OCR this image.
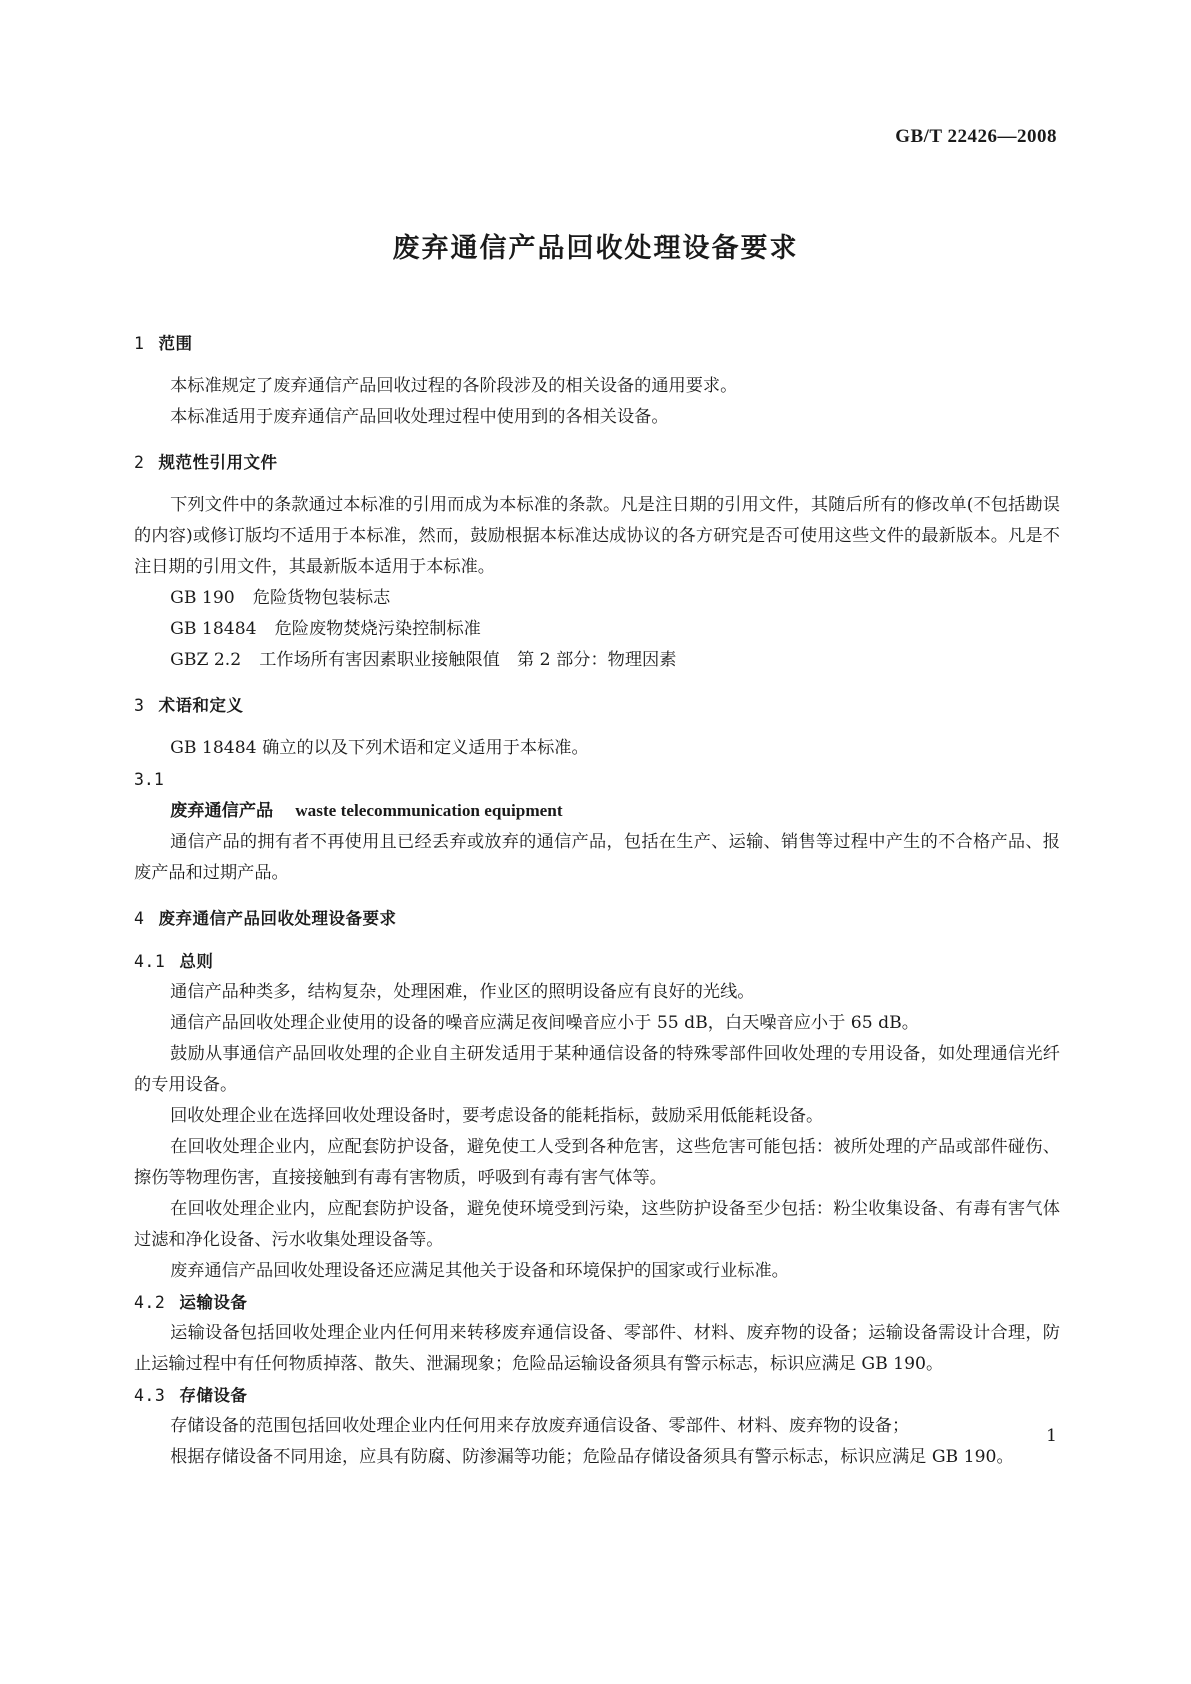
GB/T 22426—2008
废弃通信产品回收处理设备要求
1 范围

本标准规定了废弃通信产品回收过程的各阶段涉及的相关设备的通用要求。

本标准适用于废弃通信产品回收处理过程中使用到的各相关设备。

2 规范性引用文件

下列文件中的条款通过本标准的引用而成为本标准的条款。凡是注日期的引用文件，其随后所有的修改单(不包括勘误的内容)或修订版均不适用于本标准，然而，鼓励根据本标准达成协议的各方研究是否可使用这些文件的最新版本。凡是不注日期的引用文件，其最新版本适用于本标准。

GB 190 危险货物包装标志

GB 18484 危险废物焚烧污染控制标准

GBZ 2.2 工作场所有害因素职业接触限值　第 2 部分：物理因素

3 术语和定义

GB 18484 确立的以及下列术语和定义适用于本标准。

3.1

废弃通信产品 waste telecommunication equipment

通信产品的拥有者不再使用且已经丢弃或放弃的通信产品，包括在生产、运输、销售等过程中产生的不合格产品、报废产品和过期产品。

4 废弃通信产品回收处理设备要求
4.1 总则

通信产品种类多，结构复杂，处理困难，作业区的照明设备应有良好的光线。

通信产品回收处理企业使用的设备的噪音应满足夜间噪音应小于 55 dB，白天噪音应小于 65 dB。

鼓励从事通信产品回收处理的企业自主研发适用于某种通信设备的特殊零部件回收处理的专用设备，如处理通信光纤的专用设备。

回收处理企业在选择回收处理设备时，要考虑设备的能耗指标，鼓励采用低能耗设备。

在回收处理企业内，应配套防护设备，避免使工人受到各种危害，这些危害可能包括：被所处理的产品或部件碰伤、擦伤等物理伤害，直接接触到有毒有害物质，呼吸到有毒有害气体等。

在回收处理企业内，应配套防护设备，避免使环境受到污染，这些防护设备至少包括：粉尘收集设备、有毒有害气体过滤和净化设备、污水收集处理设备等。

废弃通信产品回收处理设备还应满足其他关于设备和环境保护的国家或行业标准。

4.2 运输设备

运输设备包括回收处理企业内任何用来转移废弃通信设备、零部件、材料、废弃物的设备；运输设备需设计合理，防止运输过程中有任何物质掉落、散失、泄漏现象；危险品运输设备须具有警示标志，标识应满足 GB 190。

4.3 存储设备

存储设备的范围包括回收处理企业内任何用来存放废弃通信设备、零部件、材料、废弃物的设备；

根据存储设备不同用途，应具有防腐、防渗漏等功能；危险品存储设备须具有警示标志，标识应满足 GB 190。

1
